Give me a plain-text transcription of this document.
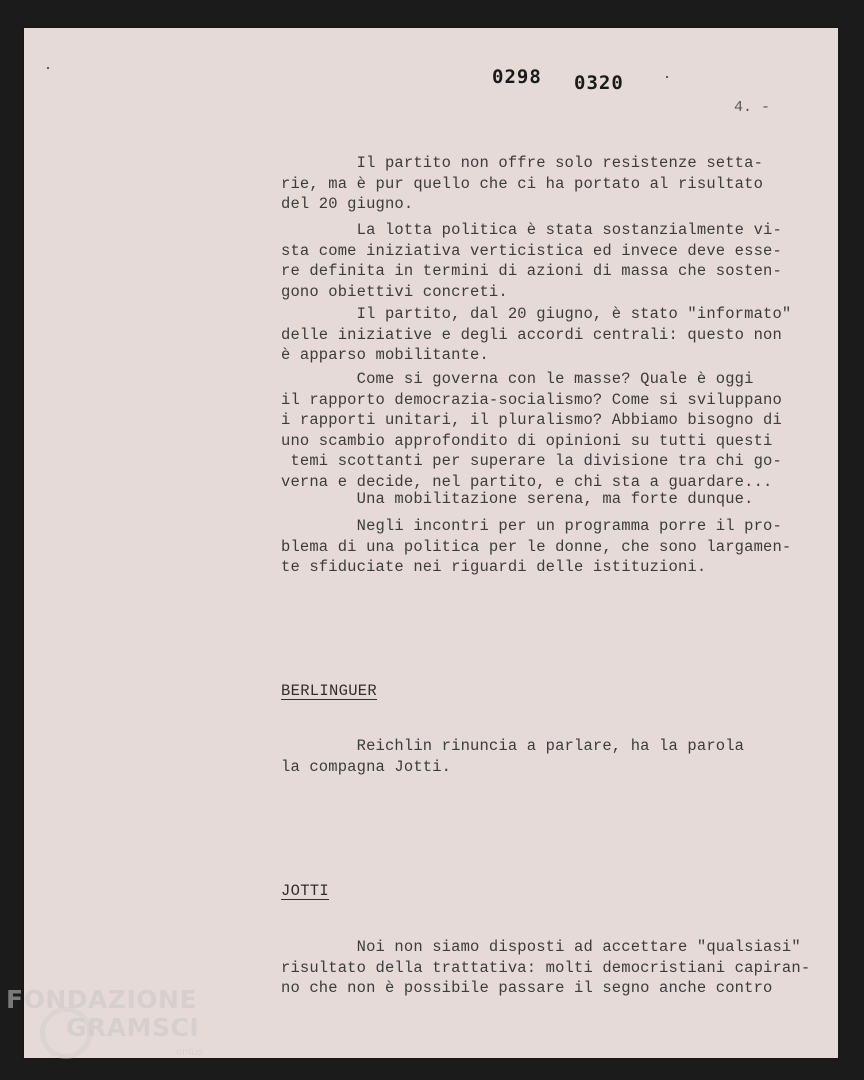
0298 0320
4. -
Il partito non offre solo resistenze setta-
rie, ma è pur quello che ci ha portato al risultato
del 20 giugno.
La lotta politica è stata sostanzialmente vi-
sta come iniziativa verticistica ed invece deve esse-
re definita in termini di azioni di massa che sosten-
gono obiettivi concreti.
Il partito, dal 20 giugno, è stato "informato"
delle iniziative e degli accordi centrali: questo non
è apparso mobilitante.
Come si governa con le masse? Quale è oggi
il rapporto democrazia-socialismo? Come si sviluppano
i rapporti unitari, il pluralismo? Abbiamo bisogno di
uno scambio approfondito di opinioni su tutti questi
temi scottanti per superare la divisione tra chi go-
verna e decide, nel partito, e chi sta a guardare...
Una mobilitazione serena, ma forte dunque.
Negli incontri per un programma porre il pro-
blema di una politica per le donne, che sono largamen-
te sfiduciate nei riguardi delle istituzioni.
BERLINGUER
Reichlin rinuncia a parlare, ha la parola
la compagna Jotti.
JOTTI
Noi non siamo disposti ad accettare "qualsiasi"
risultato della trattativa: molti democristiani capiran-
no che non è possibile passare il segno anche contro
FONDAZIONE
GRAMSCI
onlus
